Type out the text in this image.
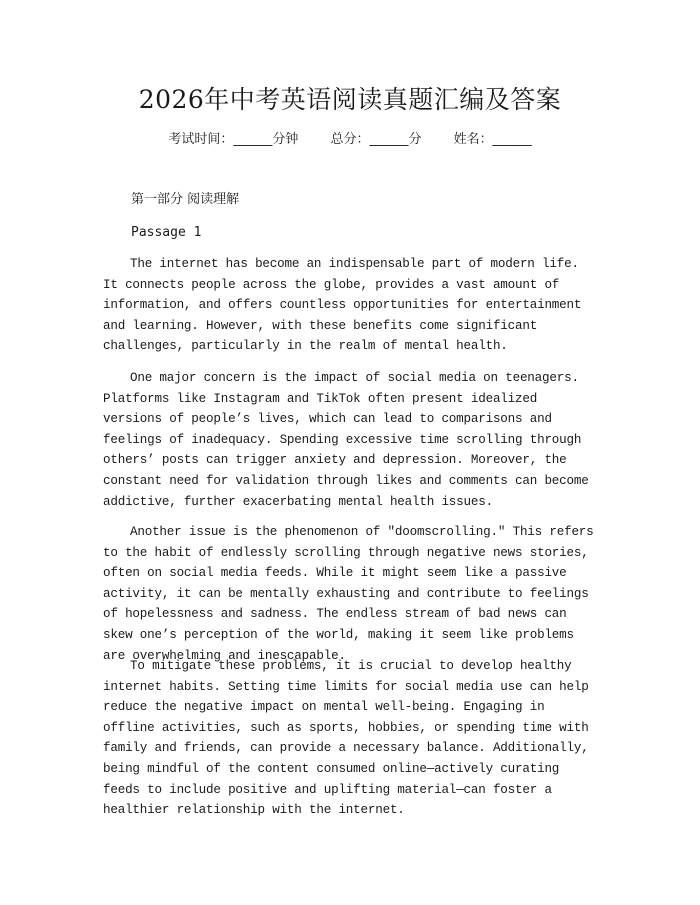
2026年中考英语阅读真题汇编及答案
考试时间：______分钟 总分：______分 姓名：______
第一部分 阅读理解
Passage 1

The internet has become an indispensable part of modern life. It connects people across the globe, provides a vast amount of information, and offers countless opportunities for entertainment and learning. However, with these benefits come significant challenges, particularly in the realm of mental health.

One major concern is the impact of social media on teenagers. Platforms like Instagram and TikTok often present idealized versions of people’s lives, which can lead to comparisons and feelings of inadequacy. Spending excessive time scrolling through others’ posts can trigger anxiety and depression. Moreover, the constant need for validation through likes and comments can become addictive, further exacerbating mental health issues.

Another issue is the phenomenon of "doomscrolling." This refers to the habit of endlessly scrolling through negative news stories, often on social media feeds. While it might seem like a passive activity, it can be mentally exhausting and contribute to feelings of hopelessness and sadness. The endless stream of bad news can skew one’s perception of the world, making it seem like problems are overwhelming and inescapable.

To mitigate these problems, it is crucial to develop healthy internet habits. Setting time limits for social media use can help reduce the negative impact on mental well-being. Engaging in offline activities, such as sports, hobbies, or spending time with family and friends, can provide a necessary balance. Additionally, being mindful of the content consumed online—actively curating feeds to include positive and uplifting material—can foster a healthier relationship with the internet.
